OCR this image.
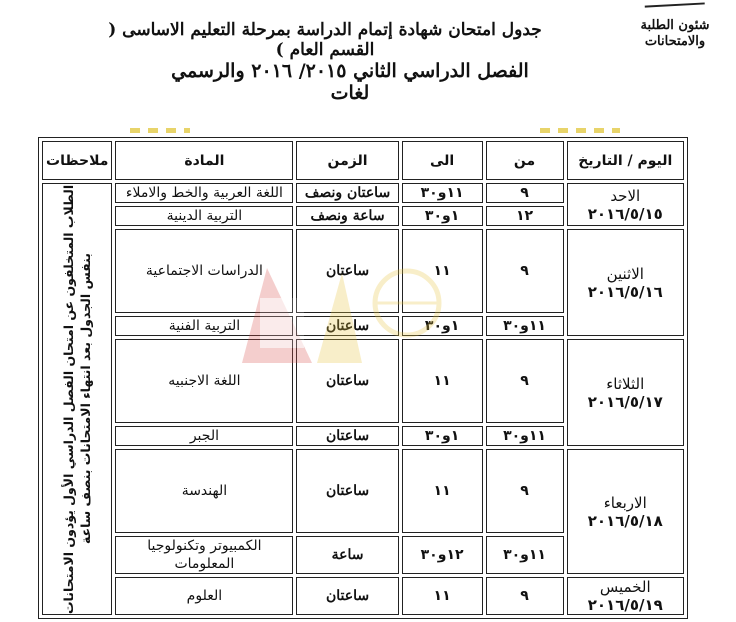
شئون الطلبة والامتحانات
جدول امتحان شهادة إتمام الدراسة بمرحلة التعليم الاساسى ( القسم العام )
الفصل الدراسي الثاني ٢٠١٥/ ٢٠١٦ والرسمي لغات
اليوم / التاريخ	من	الى	الزمن	المادة	ملاحظات

الاحد
٢٠١٦/٥/١٥	٩	١١و٣٠	ساعتان ونصف	اللغة العربية والخط والاملاء	الطلاب المتخلفون عن امتحان الفصل الدراسي الأول يؤدون الامتحانات بنفس الجدول بعد انتهاء الامتحانات بنصف ساعة

	١٢	١و٣٠	ساعة ونصف	التربية الدينية	

الاثنين
٢٠١٦/٥/١٦	٩	١١	ساعتان	الدراسات الاجتماعية	
	١١و٣٠	١و٣٠	ساعتان	التربية الفنية	

الثلاثاء
٢٠١٦/٥/١٧	٩	١١	ساعتان	اللغة الاجنبيه	
	١١و٣٠	١و٣٠	ساعتان	الجبر	

الاربعاء
٢٠١٦/٥/١٨	٩	١١	ساعتان	الهندسة	
	١١و٣٠	١٢و٣٠	ساعة	الكمبيوتر وتكنولوجيا المعلومات	

الخميس
٢٠١٦/٥/١٩	٩	١١	ساعتان	العلوم	
